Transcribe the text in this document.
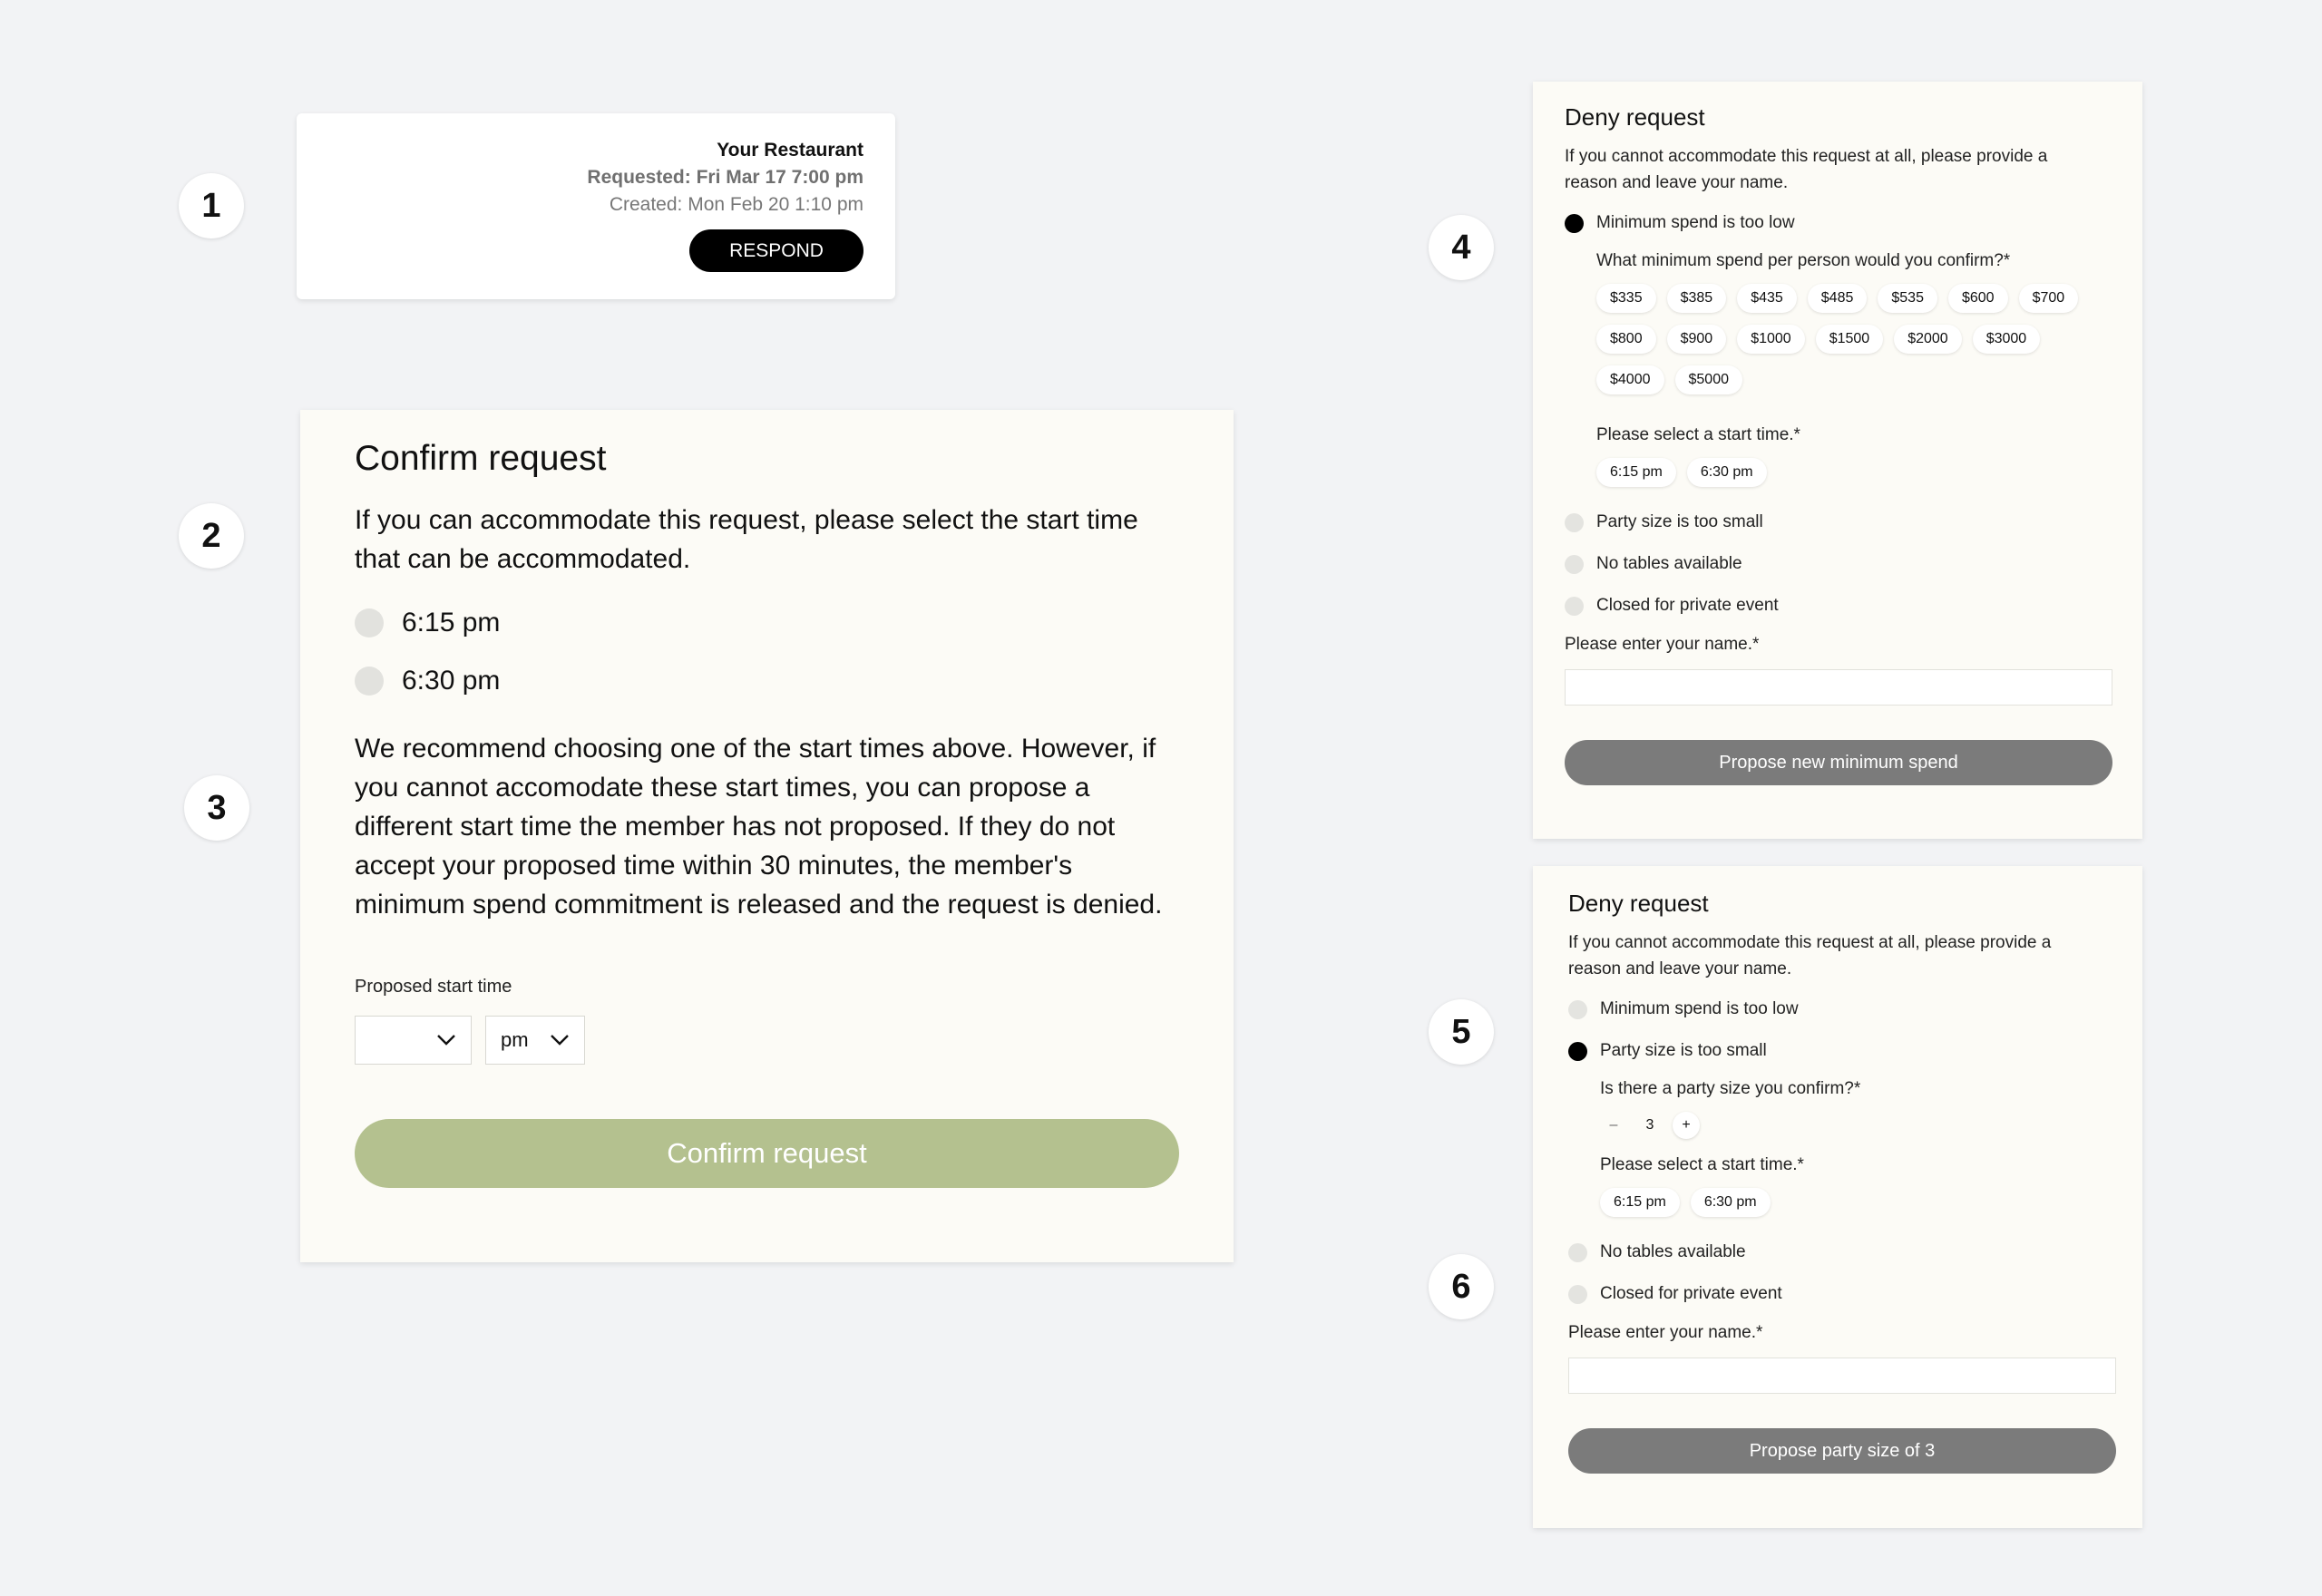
1
2
3
4
5
6
Your Restaurant
Requested: Fri Mar 17 7:00 pm
Created: Mon Feb 20 1:10 pm
RESPOND
Confirm request
If you can accommodate this request, please select the start time that can be accommodated.
6:15 pm
6:30 pm
We recommend choosing one of the start times above. However, if you cannot accomodate these start times, you can propose a different start time the member has not proposed. If they do not accept your proposed time within 30 minutes, the member's minimum spend commitment is released and the request is denied.
Proposed start time
pm
Confirm request
Deny request
If you cannot accommodate this request at all, please provide a reason and leave your name.
Minimum spend is too low
What minimum spend per person would you confirm?*
$335	$385	$435	$485	$535	$600	$700
$800	$900	$1000	$1500	$2000	$3000
$4000	$5000
Please select a start time.*
6:15 pm	6:30 pm
Party size is too small
No tables available
Closed for private event
Please enter your name.*
Propose new minimum spend
Deny request
If you cannot accommodate this request at all, please provide a reason and leave your name.
Minimum spend is too low
Party size is too small
Is there a party size you confirm?*
–	3	+
Please select a start time.*
6:15 pm	6:30 pm
No tables available
Closed for private event
Please enter your name.*
Propose party size of 3
